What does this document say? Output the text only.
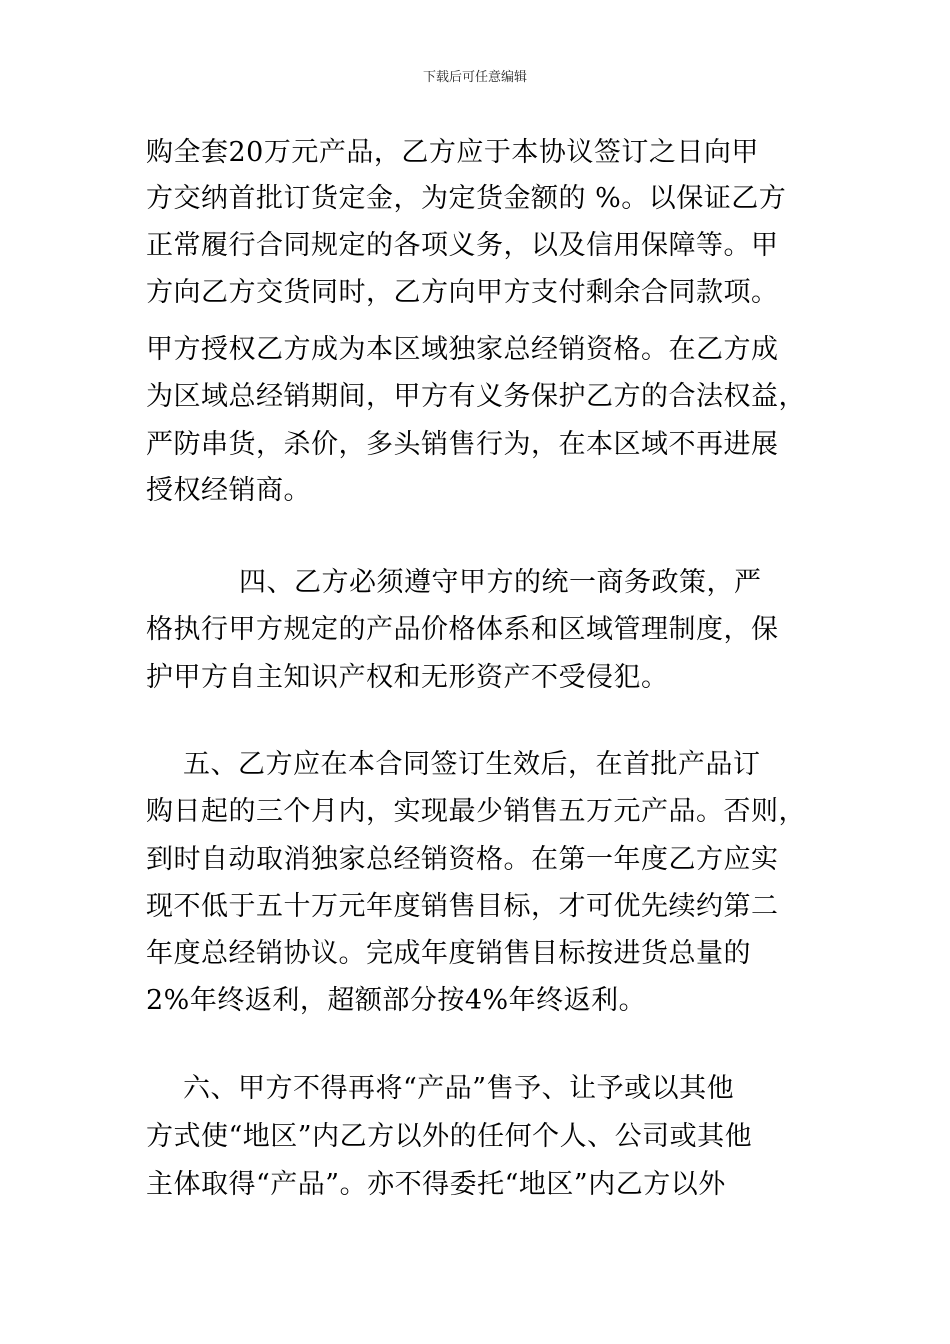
下载后可任意编辑
购全套20万元产品，乙方应于本协议签订之日向甲
方交纳首批订货定金，为定货金额的 %。以保证乙方
正常履行合同规定的各项义务，以及信用保障等。甲
方向乙方交货同时，乙方向甲方支付剩余合同款项。
甲方授权乙方成为本区域独家总经销资格。在乙方成
为区域总经销期间，甲方有义务保护乙方的合法权益，
严防串货，杀价，多头销售行为，在本区域不再进展
授权经销商。
四、乙方必须遵守甲方的统一商务政策，严
格执行甲方规定的产品价格体系和区域管理制度，保
护甲方自主知识产权和无形资产不受侵犯。
五、乙方应在本合同签订生效后，在首批产品订
购日起的三个月内，实现最少销售五万元产品。否则，
到时自动取消独家总经销资格。在第一年度乙方应实
现不低于五十万元年度销售目标，才可优先续约第二
年度总经销协议。完成年度销售目标按进货总量的
2%年终返利，超额部分按4%年终返利。
六、甲方不得再将“产品”售予、让予或以其他
方式使“地区”内乙方以外的任何个人、公司或其他
主体取得“产品”。亦不得委托“地区”内乙方以外
